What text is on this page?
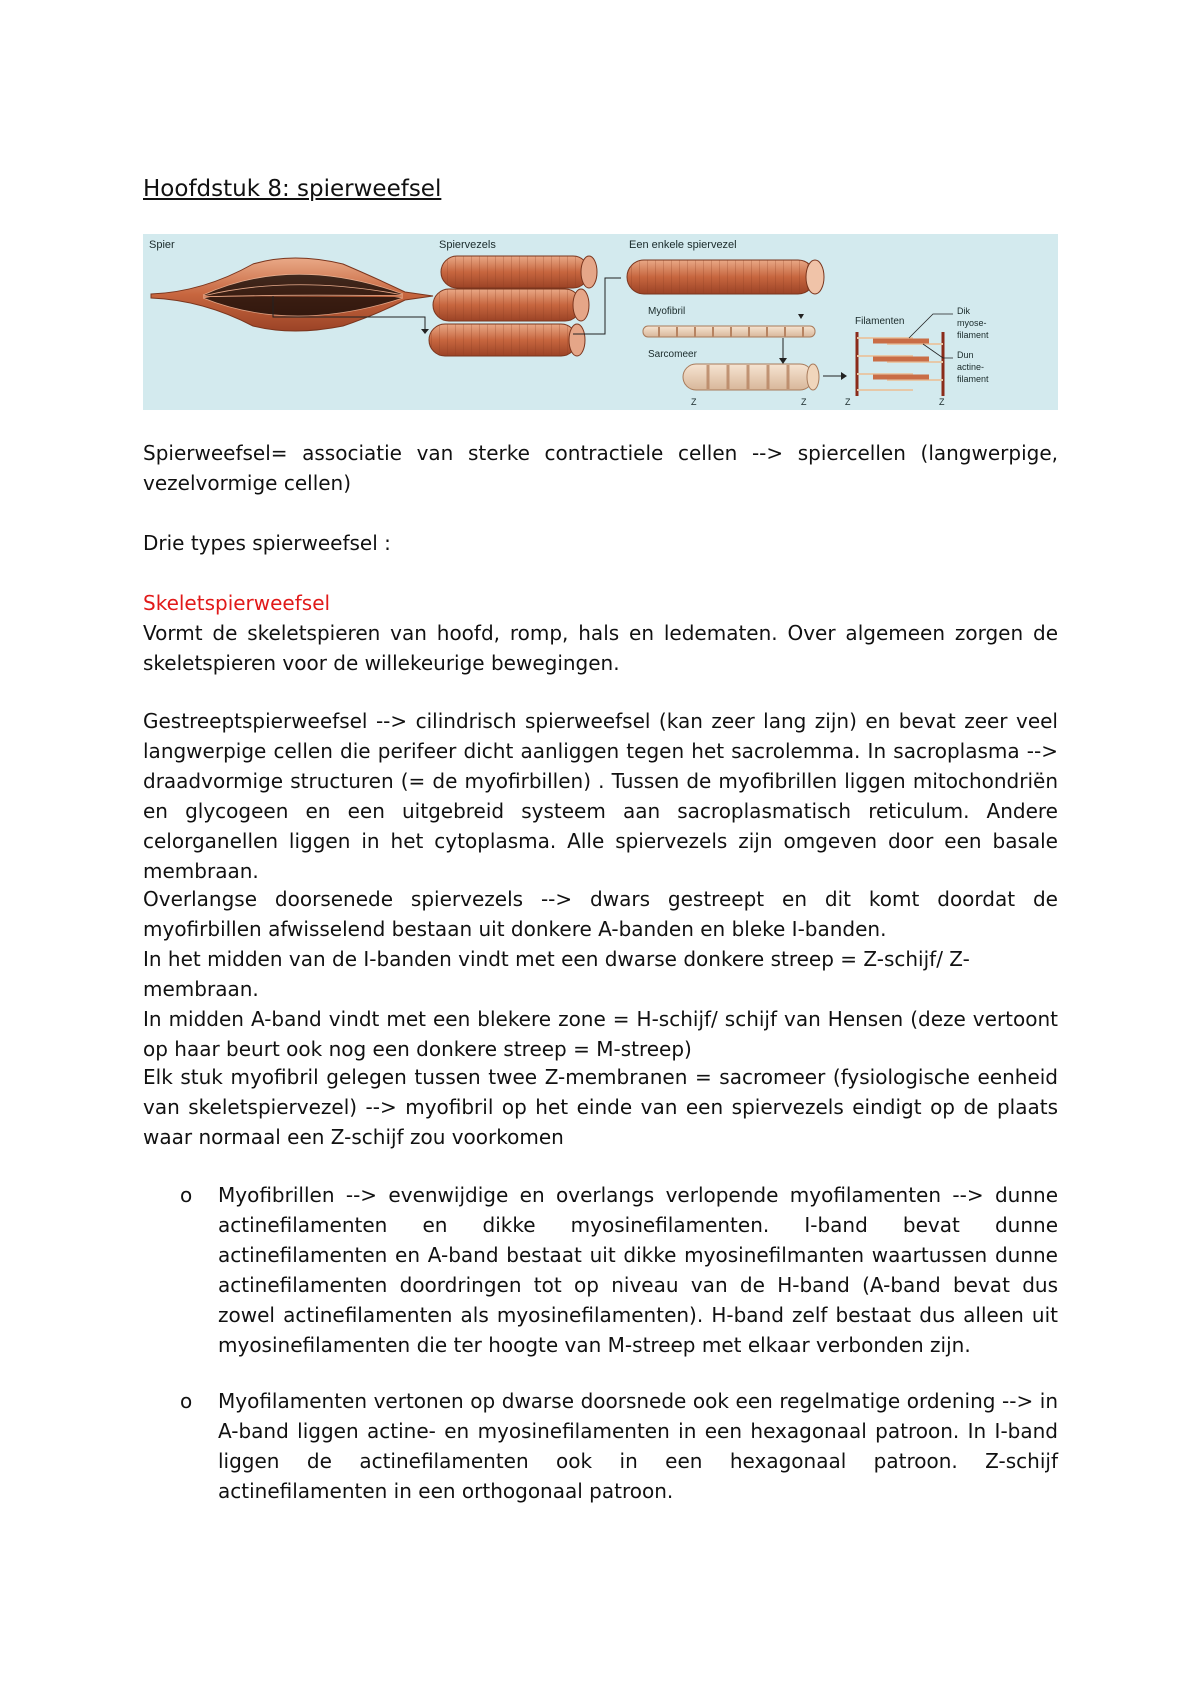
Hoofdstuk 8: spierweefsel
Spier	Spiervezels	Een enkele spiervezel
Myofibril
Sarcomeer
Z	Z
Filamenten
Z	Z
Dik myose- filament
Dun actine- filament
Spierweefsel= associatie van sterke contractiele cellen --> spiercellen (langwerpige, vezelvormige cellen)
Drie types spierweefsel :
Skeletspierweefsel
Vormt de skeletspieren van hoofd, romp, hals en ledematen. Over algemeen zorgen de skeletspieren voor de willekeurige bewegingen.
Gestreeptspierweefsel --> cilindrisch spierweefsel (kan zeer lang zijn) en bevat zeer veel langwerpige cellen die perifeer dicht aanliggen tegen het sacrolemma. In sacroplasma --> draadvormige structuren (= de myofirbillen) . Tussen de myofibrillen liggen mitochondriën en glycogeen en een uitgebreid systeem aan sacroplasmatisch reticulum. Andere celorganellen liggen in het cytoplasma. Alle spiervezels zijn omgeven door een basale membraan.
Overlangse doorsenede spiervezels --> dwars gestreept en dit komt doordat de myofirbillen afwisselend bestaan uit donkere A-banden en bleke I-banden.
In het midden van de I-banden vindt met een dwarse donkere streep = Z-schijf/ Z-membraan.
In midden A-band vindt met een blekere zone = H-schijf/ schijf van Hensen (deze vertoont op haar beurt ook nog een donkere streep = M-streep)
Elk stuk myofibril gelegen tussen twee Z-membranen = sacromeer (fysiologische eenheid van skeletspiervezel) --> myofibril op het einde van een spiervezels eindigt op de plaats waar normaal een Z-schijf zou voorkomen
o Myofibrillen --> evenwijdige en overlangs verlopende myofilamenten --> dunne actinefilamenten en dikke myosinefilamenten. I-band bevat dunne actinefilamenten en A-band bestaat uit dikke myosinefilmanten waartussen dunne actinefilamenten doordringen tot op niveau van de H-band (A-band bevat dus zowel actinefilamenten als myosinefilamenten). H-band zelf bestaat dus alleen uit myosinefilamenten die ter hoogte van M-streep met elkaar verbonden zijn.
o Myofilamenten vertonen op dwarse doorsnede ook een regelmatige ordening --> in A-band liggen actine- en myosinefilamenten in een hexagonaal patroon. In I-band liggen de actinefilamenten ook in een hexagonaal patroon. Z-schijf actinefilamenten in een orthogonaal patroon.
